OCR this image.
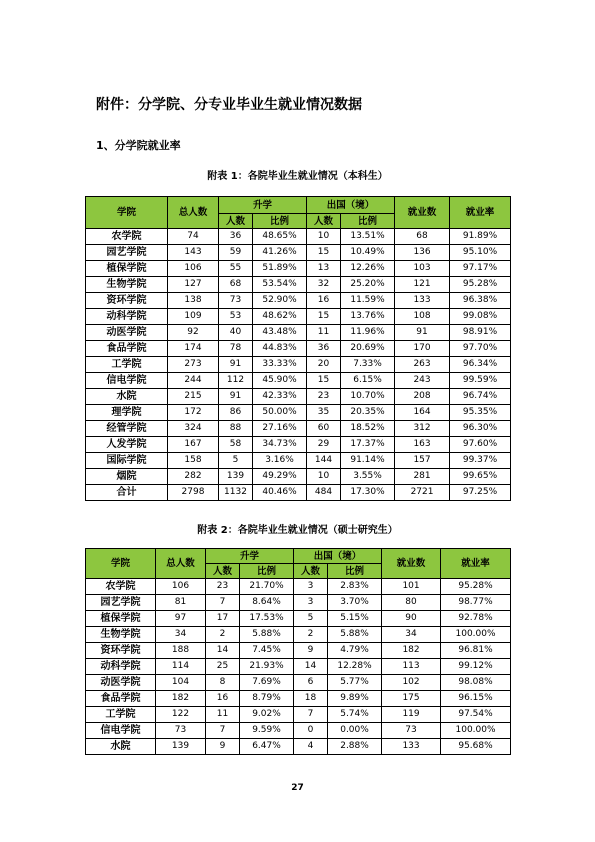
附件：分学院、分专业毕业生就业情况数据
1、分学院就业率
附表 1：各院毕业生就业情况（本科生）
学院	总人数	升学		出国（境）		就业数	就业率
		人数	比例	人数	比例		
农学院	74	36	48.65%	10	13.51%	68	91.89%
园艺学院	143	59	41.26%	15	10.49%	136	95.10%
植保学院	106	55	51.89%	13	12.26%	103	97.17%
生物学院	127	68	53.54%	32	25.20%	121	95.28%
资环学院	138	73	52.90%	16	11.59%	133	96.38%
动科学院	109	53	48.62%	15	13.76%	108	99.08%
动医学院	92	40	43.48%	11	11.96%	91	98.91%
食品学院	174	78	44.83%	36	20.69%	170	97.70%
工学院	273	91	33.33%	20	7.33%	263	96.34%
信电学院	244	112	45.90%	15	6.15%	243	99.59%
水院	215	91	42.33%	23	10.70%	208	96.74%
理学院	172	86	50.00%	35	20.35%	164	95.35%
经管学院	324	88	27.16%	60	18.52%	312	96.30%
人发学院	167	58	34.73%	29	17.37%	163	97.60%
国际学院	158	5	3.16%	144	91.14%	157	99.37%
烟院	282	139	49.29%	10	3.55%	281	99.65%
合计	2798	1132	40.46%	484	17.30%	2721	97.25%
附表 2：各院毕业生就业情况（硕士研究生）
学院	总人数	升学		出国（境）		就业数	就业率
		人数	比例	人数	比例		
农学院	106	23	21.70%	3	2.83%	101	95.28%
园艺学院	81	7	8.64%	3	3.70%	80	98.77%
植保学院	97	17	17.53%	5	5.15%	90	92.78%
生物学院	34	2	5.88%	2	5.88%	34	100.00%
资环学院	188	14	7.45%	9	4.79%	182	96.81%
动科学院	114	25	21.93%	14	12.28%	113	99.12%
动医学院	104	8	7.69%	6	5.77%	102	98.08%
食品学院	182	16	8.79%	18	9.89%	175	96.15%
工学院	122	11	9.02%	7	5.74%	119	97.54%
信电学院	73	7	9.59%	0	0.00%	73	100.00%
水院	139	9	6.47%	4	2.88%	133	95.68%
27
